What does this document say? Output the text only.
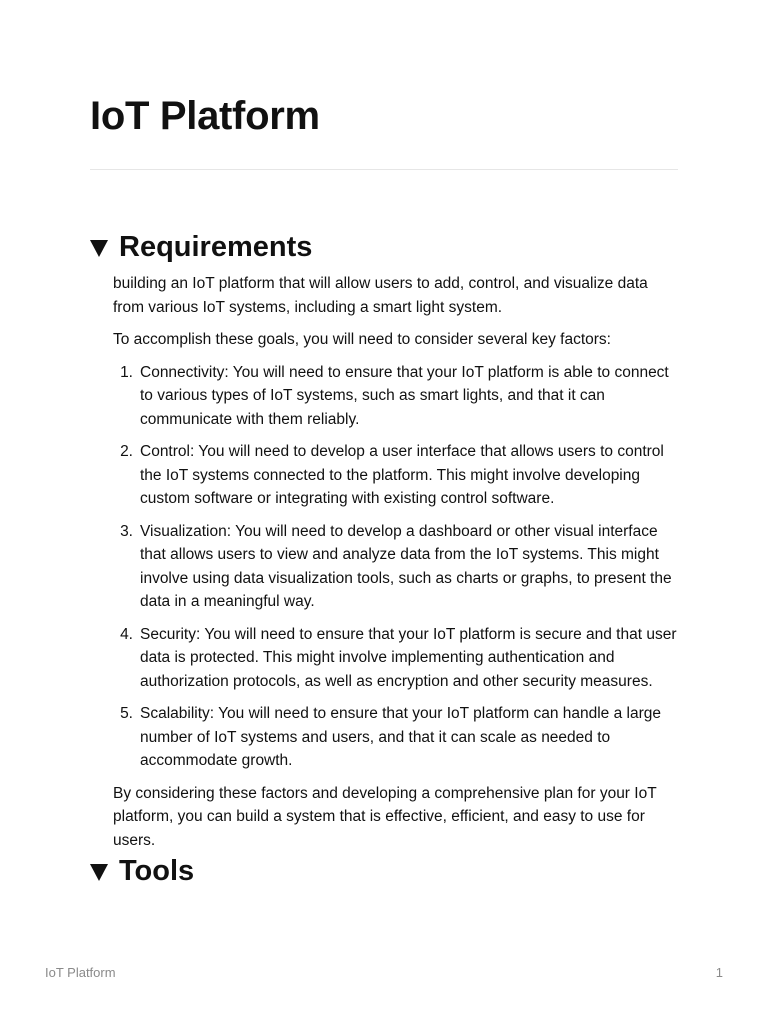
IoT Platform
Requirements

building an IoT platform that will allow users to add, control, and visualize data from various IoT systems, including a smart light system.

To accomplish these goals, you will need to consider several key factors:

1. Connectivity: You will need to ensure that your IoT platform is able to connect to various types of IoT systems, such as smart lights, and that it can communicate with them reliably.
2. Control: You will need to develop a user interface that allows users to control the IoT systems connected to the platform. This might involve developing custom software or integrating with existing control software.
3. Visualization: You will need to develop a dashboard or other visual interface that allows users to view and analyze data from the IoT systems. This might involve using data visualization tools, such as charts or graphs, to present the data in a meaningful way.
4. Security: You will need to ensure that your IoT platform is secure and that user data is protected. This might involve implementing authentication and authorization protocols, as well as encryption and other security measures.
5. Scalability: You will need to ensure that your IoT platform can handle a large number of IoT systems and users, and that it can scale as needed to accommodate growth.

By considering these factors and developing a comprehensive plan for your IoT platform, you can build a system that is effective, efficient, and easy to use for users.

Tools
IoT Platform	1
